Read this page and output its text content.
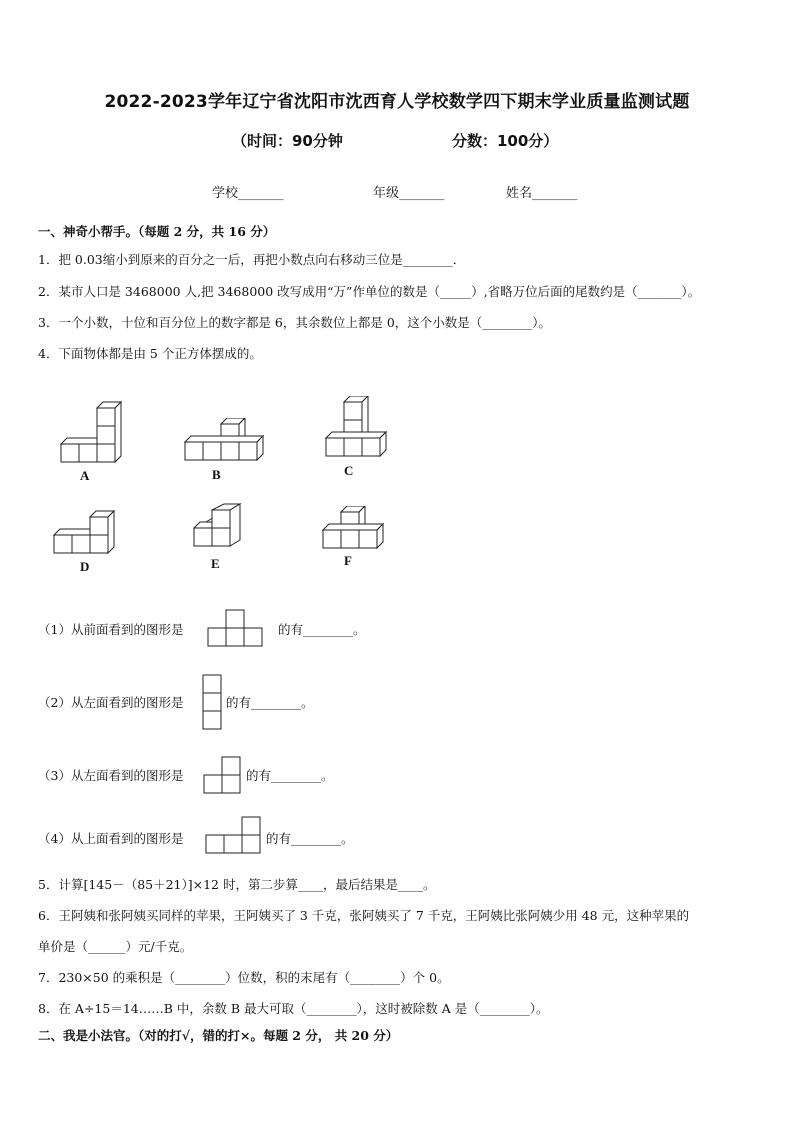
2022-2023学年辽宁省沈阳市沈西育人学校数学四下期末学业质量监测试题
（时间：90分钟	分数：100分）
学校_______	年级_______	姓名_______
一、神奇小帮手。（每题 2 分，共 16 分）
1．把 0.03缩小到原来的百分之一后，再把小数点向右移动三位是________．
2．某市人口是 3468000 人,把 3468000 改写成用“万”作单位的数是（_____）,省略万位后面的尾数约是（_______）。
3．一个小数，十位和百分位上的数字都是 6，其余数位上都是 0，这个小数是（________）。
4．下面物体都是由 5 个正方体摆成的。
A	B	C
D	E	F
（1）从前面看到的图形是	的有________。
（2）从左面看到的图形是	的有________。
（3）从左面看到的图形是	的有________。
（4）从上面看到的图形是	的有________。
5．计算[145－（85＋21）]×12 时，第二步算____，最后结果是____。
6．王阿姨和张阿姨买同样的苹果，王阿姨买了 3 千克，张阿姨买了 7 千克，王阿姨比张阿姨少用 48 元，这种苹果的
单价是（______）元/千克。
7．230×50 的乘积是（________）位数，积的末尾有（________）个 0。
8．在 A÷15＝14……B 中，余数 B 最大可取（________），这时被除数 A 是（________）。
二、我是小法官。（对的打√，错的打×。每题 2 分， 共 20 分）
